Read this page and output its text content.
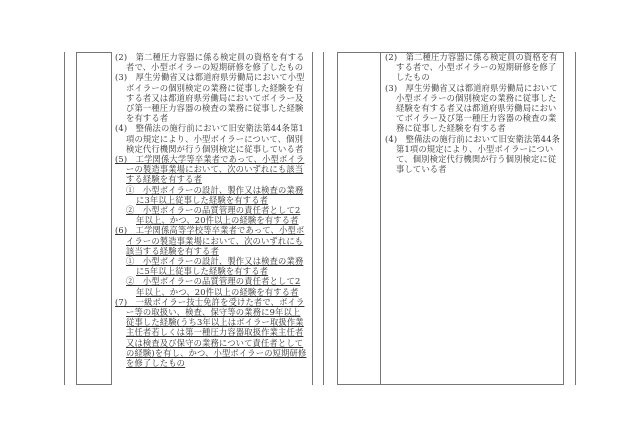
(2)　第二種圧力容器に係る検定員の資格を有する者で、小型ボイラーの短期研修を修了したもの

(3)　厚生労働省又は都道府県労働局において小型ボイラーの個別検定の業務に従事した経験を有する者又は都道府県労働局においてボイラー及び第一種圧力容器の検査の業務に従事した経験を有する者

(4)　整備法の施行前において旧安衛法第44条第1項の規定により、小型ボイラーについて、個別検定代行機関が行う個別検定に従事している者

(5)　工学関係大学等卒業者であって、小型ボイラーの製造事業場において、次のいずれにも該当する経験を有する者

①　小型ボイラーの設計、製作又は検査の業務に3年以上従事した経験を有する者

②　小型ボイラーの品質管理の責任者として2年以上、かつ、20件以上の経験を有する者

(6)　工学関係高等学校等卒業者であって、小型ボイラーの製造事業場において、次のいずれにも該当する経験を有する者

①　小型ボイラーの設計、製作又は検査の業務に5年以上従事した経験を有する者

②　小型ボイラーの品質管理の責任者として2年以上、かつ、20件以上の経験を有する者

(7)　一級ボイラー技士免許を受けた者で、ボイラー等の取扱い、検査、保守等の業務に9年以上従事した経験(うち3年以上はボイラー取扱作業主任者若しくは第一種圧力容器取扱作業主任者又は検査及び保守の業務について責任者としての経験)を有し、かつ、小型ボイラーの短期研修を修了したもの

(2)　第二種圧力容器に係る検定員の資格を有する者で、小型ボイラーの短期研修を修了したもの

(3)　厚生労働省又は都道府県労働局において小型ボイラーの個別検定の業務に従事した経験を有する者又は都道府県労働局においてボイラー及び第一種圧力容器の検査の業務に従事した経験を有する者

(4)　整備法の施行前において旧安衛法第44条第1項の規定により、小型ボイラーについて、個別検定代行機関が行う個別検定に従事している者
